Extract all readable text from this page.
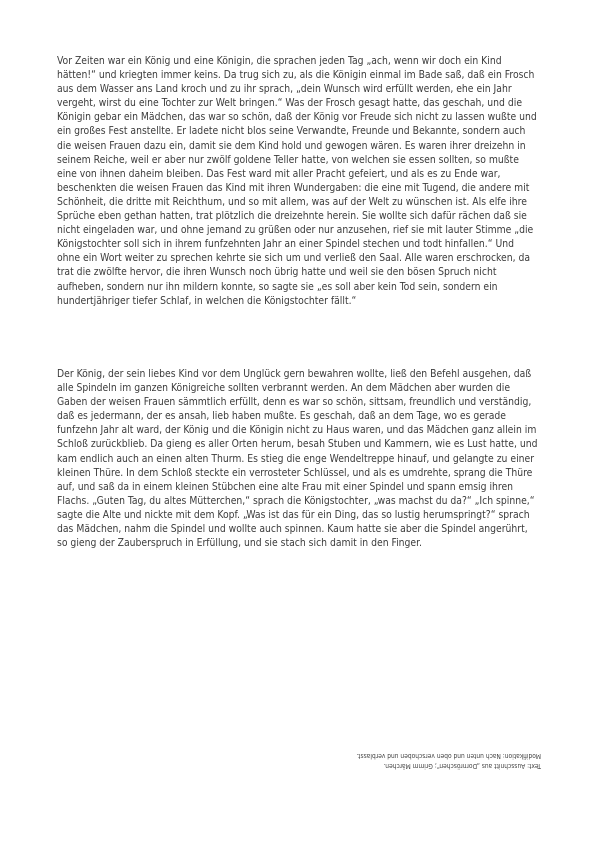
Vor Zeiten war ein König und eine Königin, die sprachen jeden Tag „ach, wenn wir doch ein Kind hätten!“ und kriegten immer keins. Da trug sich zu, als die Königin einmal im Bade saß, daß ein Frosch aus dem Wasser ans Land kroch und zu ihr sprach, „dein Wunsch wird erfüllt werden, ehe ein Jahr vergeht, wirst du eine Tochter zur Welt bringen.“ Was der Frosch gesagt hatte, das geschah, und die Königin gebar ein Mädchen, das war so schön, daß der König vor Freude sich nicht zu lassen wußte und ein großes Fest anstellte. Er ladete nicht blos seine Verwandte, Freunde und Bekannte, sondern auch die weisen Frauen dazu ein, damit sie dem Kind hold und gewogen wären. Es waren ihrer dreizehn in seinem Reiche, weil er aber nur zwölf goldene Teller hatte, von welchen sie essen sollten, so mußte eine von ihnen daheim bleiben. Das Fest ward mit aller Pracht gefeiert, und als es zu Ende war, beschenkten die weisen Frauen das Kind mit ihren Wundergaben: die eine mit Tugend, die andere mit Schönheit, die dritte mit Reichthum, und so mit allem, was auf der Welt zu wünschen ist. Als elfe ihre Sprüche eben gethan hatten, trat plötzlich die dreizehnte herein. Sie wollte sich dafür rächen daß sie nicht eingeladen war, und ohne jemand zu grüßen oder nur anzusehen, rief sie mit lauter Stimme „die Königstochter soll sich in ihrem funfzehnten Jahr an einer Spindel stechen und todt hinfallen.“ Und ohne ein Wort weiter zu sprechen kehrte sie sich um und verließ den Saal. Alle waren erschrocken, da trat die zwölfte hervor, die ihren Wunsch noch übrig hatte und weil sie den bösen Spruch nicht aufheben, sondern nur ihn mildern konnte, so sagte sie „es soll aber kein Tod sein, sondern ein hundertjähriger tiefer Schlaf, in welchen die Königstochter fällt.“

Der König, der sein liebes Kind vor dem Unglück gern bewahren wollte, ließ den Befehl ausgehen, daß alle Spindeln im ganzen Königreiche sollten verbrannt werden. An dem Mädchen aber wurden die Gaben der weisen Frauen sämmtlich erfüllt, denn es war so schön, sittsam, freundlich und verständig, daß es jedermann, der es ansah, lieb haben mußte. Es geschah, daß an dem Tage, wo es gerade funfzehn Jahr alt ward, der König und die Königin nicht zu Haus waren, und das Mädchen ganz allein im Schloß zurückblieb. Da gieng es aller Orten herum, besah Stuben und Kammern, wie es Lust hatte, und kam endlich auch an einen alten Thurm. Es stieg die enge Wendeltreppe hinauf, und gelangte zu einer kleinen Thüre. In dem Schloß steckte ein verrosteter Schlüssel, und als es umdrehte, sprang die Thüre auf, und saß da in einem kleinen Stübchen eine alte Frau mit einer Spindel und spann emsig ihren Flachs. „Guten Tag, du altes Mütterchen,“ sprach die Königstochter, „was machst du da?“ „Ich spinne,“ sagte die Alte und nickte mit dem Kopf. „Was ist das für ein Ding, das so lustig herumspringt?“ sprach das Mädchen, nahm die Spindel und wollte auch spinnen. Kaum hatte sie aber die Spindel angerührt, so gieng der Zauberspruch in Erfüllung, und sie stach sich damit in den Finger.

Text: Ausschnitt aus „Dornröschen“; Grimm Märchen.
Modifikation: Nach unten und oben verschoben und verblasst.
